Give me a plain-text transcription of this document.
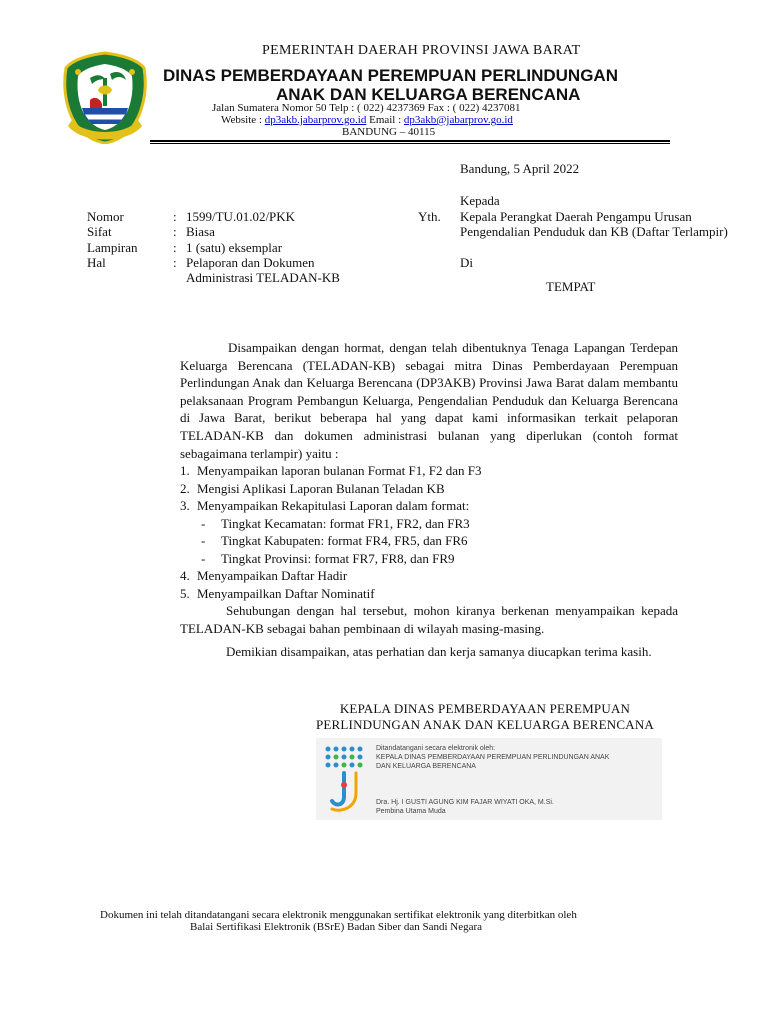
PEMERINTAH DAERAH PROVINSI JAWA BARAT
DINAS PEMBERDAYAAN PEREMPUAN PERLINDUNGAN
ANAK DAN KELUARGA BERENCANA
Jalan Sumatera Nomor 50 Telp : ( 022) 4237369 Fax : ( 022) 4237081
Website : dp3akb.jabarprov.go.id Email : dp3akb@jabarprov.go.id
BANDUNG – 40115
Bandung, 5 April 2022
Kepada
Nomor	: 1599/TU.01.02/PKK
Sifat	: Biasa
Lampiran	: 1 (satu) eksemplar
Hal	: Pelaporan dan Dokumen
Administrasi TELADAN-KB
Yth. Kepala Perangkat Daerah Pengampu Urusan Pengendalian Penduduk dan KB (Daftar Terlampir)
Di
TEMPAT

Disampaikan dengan hormat, dengan telah dibentuknya Tenaga Lapangan Terdepan Keluarga Berencana (TELADAN-KB) sebagai mitra Dinas Pemberdayaan Perempuan Perlindungan Anak dan Keluarga Berencana (DP3AKB) Provinsi Jawa Barat dalam membantu pelaksanaan Program Pembangun Keluarga, Pengendalian Penduduk dan Keluarga Berencana di Jawa Barat, berikut beberapa hal yang dapat kami informasikan terkait pelaporan TELADAN-KB dan dokumen administrasi bulanan yang diperlukan (contoh format sebagaimana terlampir) yaitu :

1. Menyampaikan laporan bulanan Format F1, F2 dan F3
2. Mengisi Aplikasi Laporan Bulanan Teladan KB
3. Menyampaikan Rekapitulasi Laporan dalam format:
-	Tingkat Kecamatan: format FR1, FR2, dan FR3
-	Tingkat Kabupaten: format FR4, FR5, dan FR6
-	Tingkat Provinsi: format FR7, FR8, dan FR9
4. Menyampaikan Daftar Hadir
5. Menyampailkan Daftar Nominatif

Sehubungan dengan hal tersebut, mohon kiranya berkenan menyampaikan kepada TELADAN-KB sebagai bahan pembinaan di wilayah masing-masing.

Demikian disampaikan, atas perhatian dan kerja samanya diucapkan terima kasih.

KEPALA DINAS PEMBERDAYAAN PEREMPUAN
PERLINDUNGAN ANAK DAN KELUARGA BERENCANA
Ditandatangani secara elektronik oleh:
KEPALA DINAS PEMBERDAYAAN PEREMPUAN PERLINDUNGAN ANAK
DAN KELUARGA BERENCANA
Dra. Hj. I GUSTI AGUNG KIM FAJAR WIYATI OKA, M.Si.
Pembina Utama Muda
Dokumen ini telah ditandatangani secara elektronik menggunakan sertifikat elektronik yang diterbitkan oleh
Balai Sertifikasi Elektronik (BSrE) Badan Siber dan Sandi Negara
